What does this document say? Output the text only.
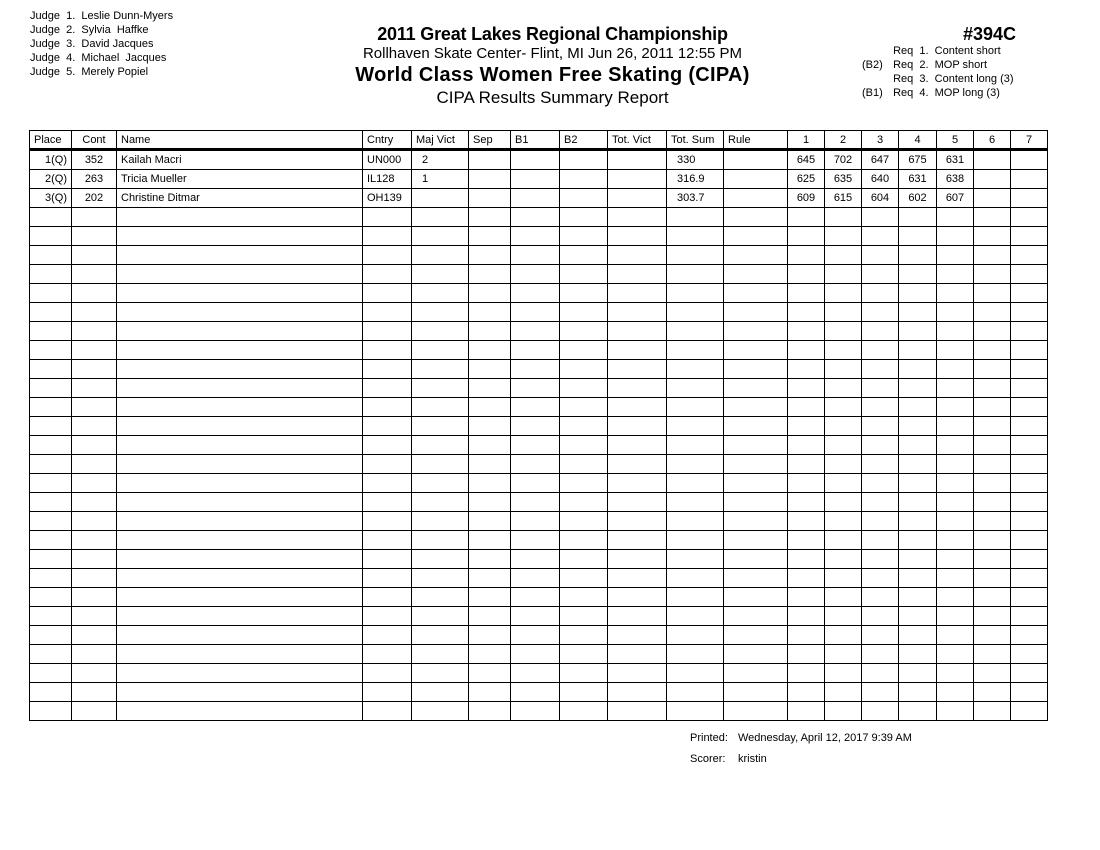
Judge  1. Leslie Dunn-Myers
Judge  2. Sylvia  Haffke
Judge  3. David Jacques
Judge  4. Michael  Jacques
Judge  5. Merely Popiel
2011 Great Lakes Regional Championship
Rollhaven Skate Center- Flint, MI Jun 26, 2011 12:55 PM
World Class Women Free Skating (CIPA)
CIPA Results Summary Report
#394C
Req  1.  Content short
(B2) Req  2.  MOP short
Req  3.  Content long (3)
(B1) Req  4.  MOP long (3)
Place	Cont	Name	Cntry	Maj Vict	Sep	B1	B2	Tot. Vict	Tot. Sum	Rule	1	2	3	4	5	6	7
1(Q)	352	Kailah Macri	UN000	2					330		645	702	647	675	631		
2(Q)	263	Tricia Mueller	IL128	1					316.9		625	635	640	631	638		
3(Q)	202	Christine Ditmar	OH139						303.7		609	615	604	602	607		

Printed: Wednesday, April 12, 2017 9:39 AM
Scorer: kristin
